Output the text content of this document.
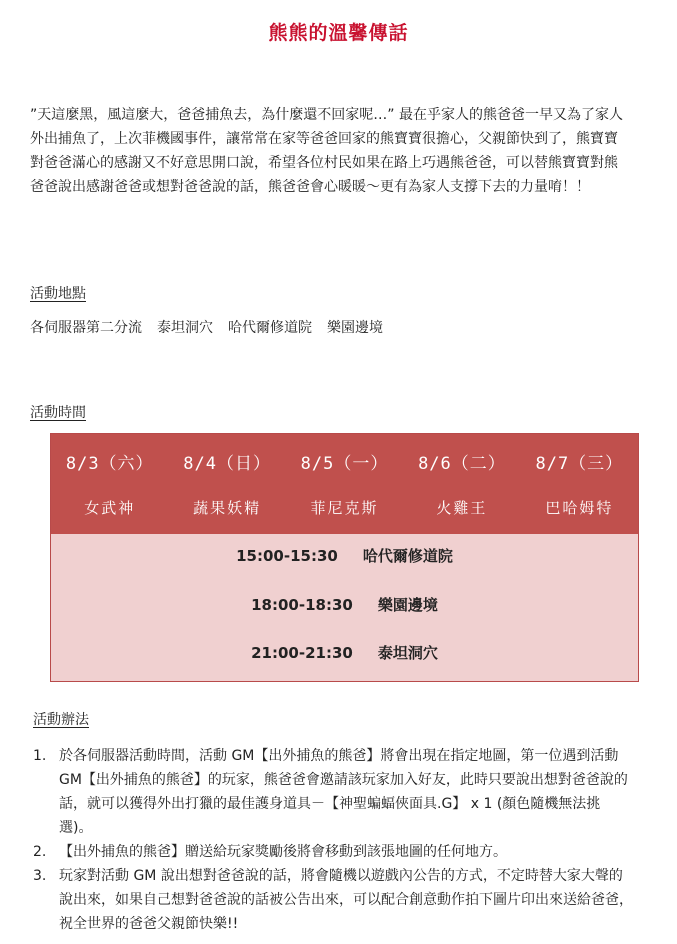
熊熊的溫馨傳話
”天這麼黑，風這麼大，爸爸捕魚去，為什麼還不回家呢…” 最在乎家人的熊爸爸一早又為了家人外出捕魚了，上次菲機國事件，讓常常在家等爸爸回家的熊寶寶很擔心，父親節快到了，熊寶寶對爸爸滿心的感謝又不好意思開口說，希望各位村民如果在路上巧遇熊爸爸，可以替熊寶寶對熊爸爸說出感謝爸爸或想對爸爸說的話，熊爸爸會心暖暖～更有為家人支撐下去的力量唷！！
活動地點
各伺服器第二分流 泰坦洞穴 哈代爾修道院 樂園邊境
活動時間
8/3（六）
女武神
8/4（日）
蔬果妖精
8/5（一）
菲尼克斯
8/6（二）
火雞王
8/7（三）
巴哈姆特
15:00-15:30 哈代爾修道院
18:00-18:30 樂園邊境
21:00-21:30 泰坦洞穴
活動辦法
1. 於各伺服器活動時間，活動 GM【出外捕魚的熊爸】將會出現在指定地圖，第一位遇到活動 GM【出外捕魚的熊爸】的玩家，熊爸爸會邀請該玩家加入好友，此時只要說出想對爸爸說的話，就可以獲得外出打獵的最佳護身道具－【神聖蝙蝠俠面具.G】 x 1 (顏色隨機無法挑選)。
2. 【出外捕魚的熊爸】贈送給玩家獎勵後將會移動到該張地圖的任何地方。
3. 玩家對活動 GM 說出想對爸爸說的話，將會隨機以遊戲內公告的方式，不定時替大家大聲的說出來，如果自己想對爸爸說的話被公告出來，可以配合創意動作拍下圖片印出來送給爸爸，祝全世界的爸爸父親節快樂!!
